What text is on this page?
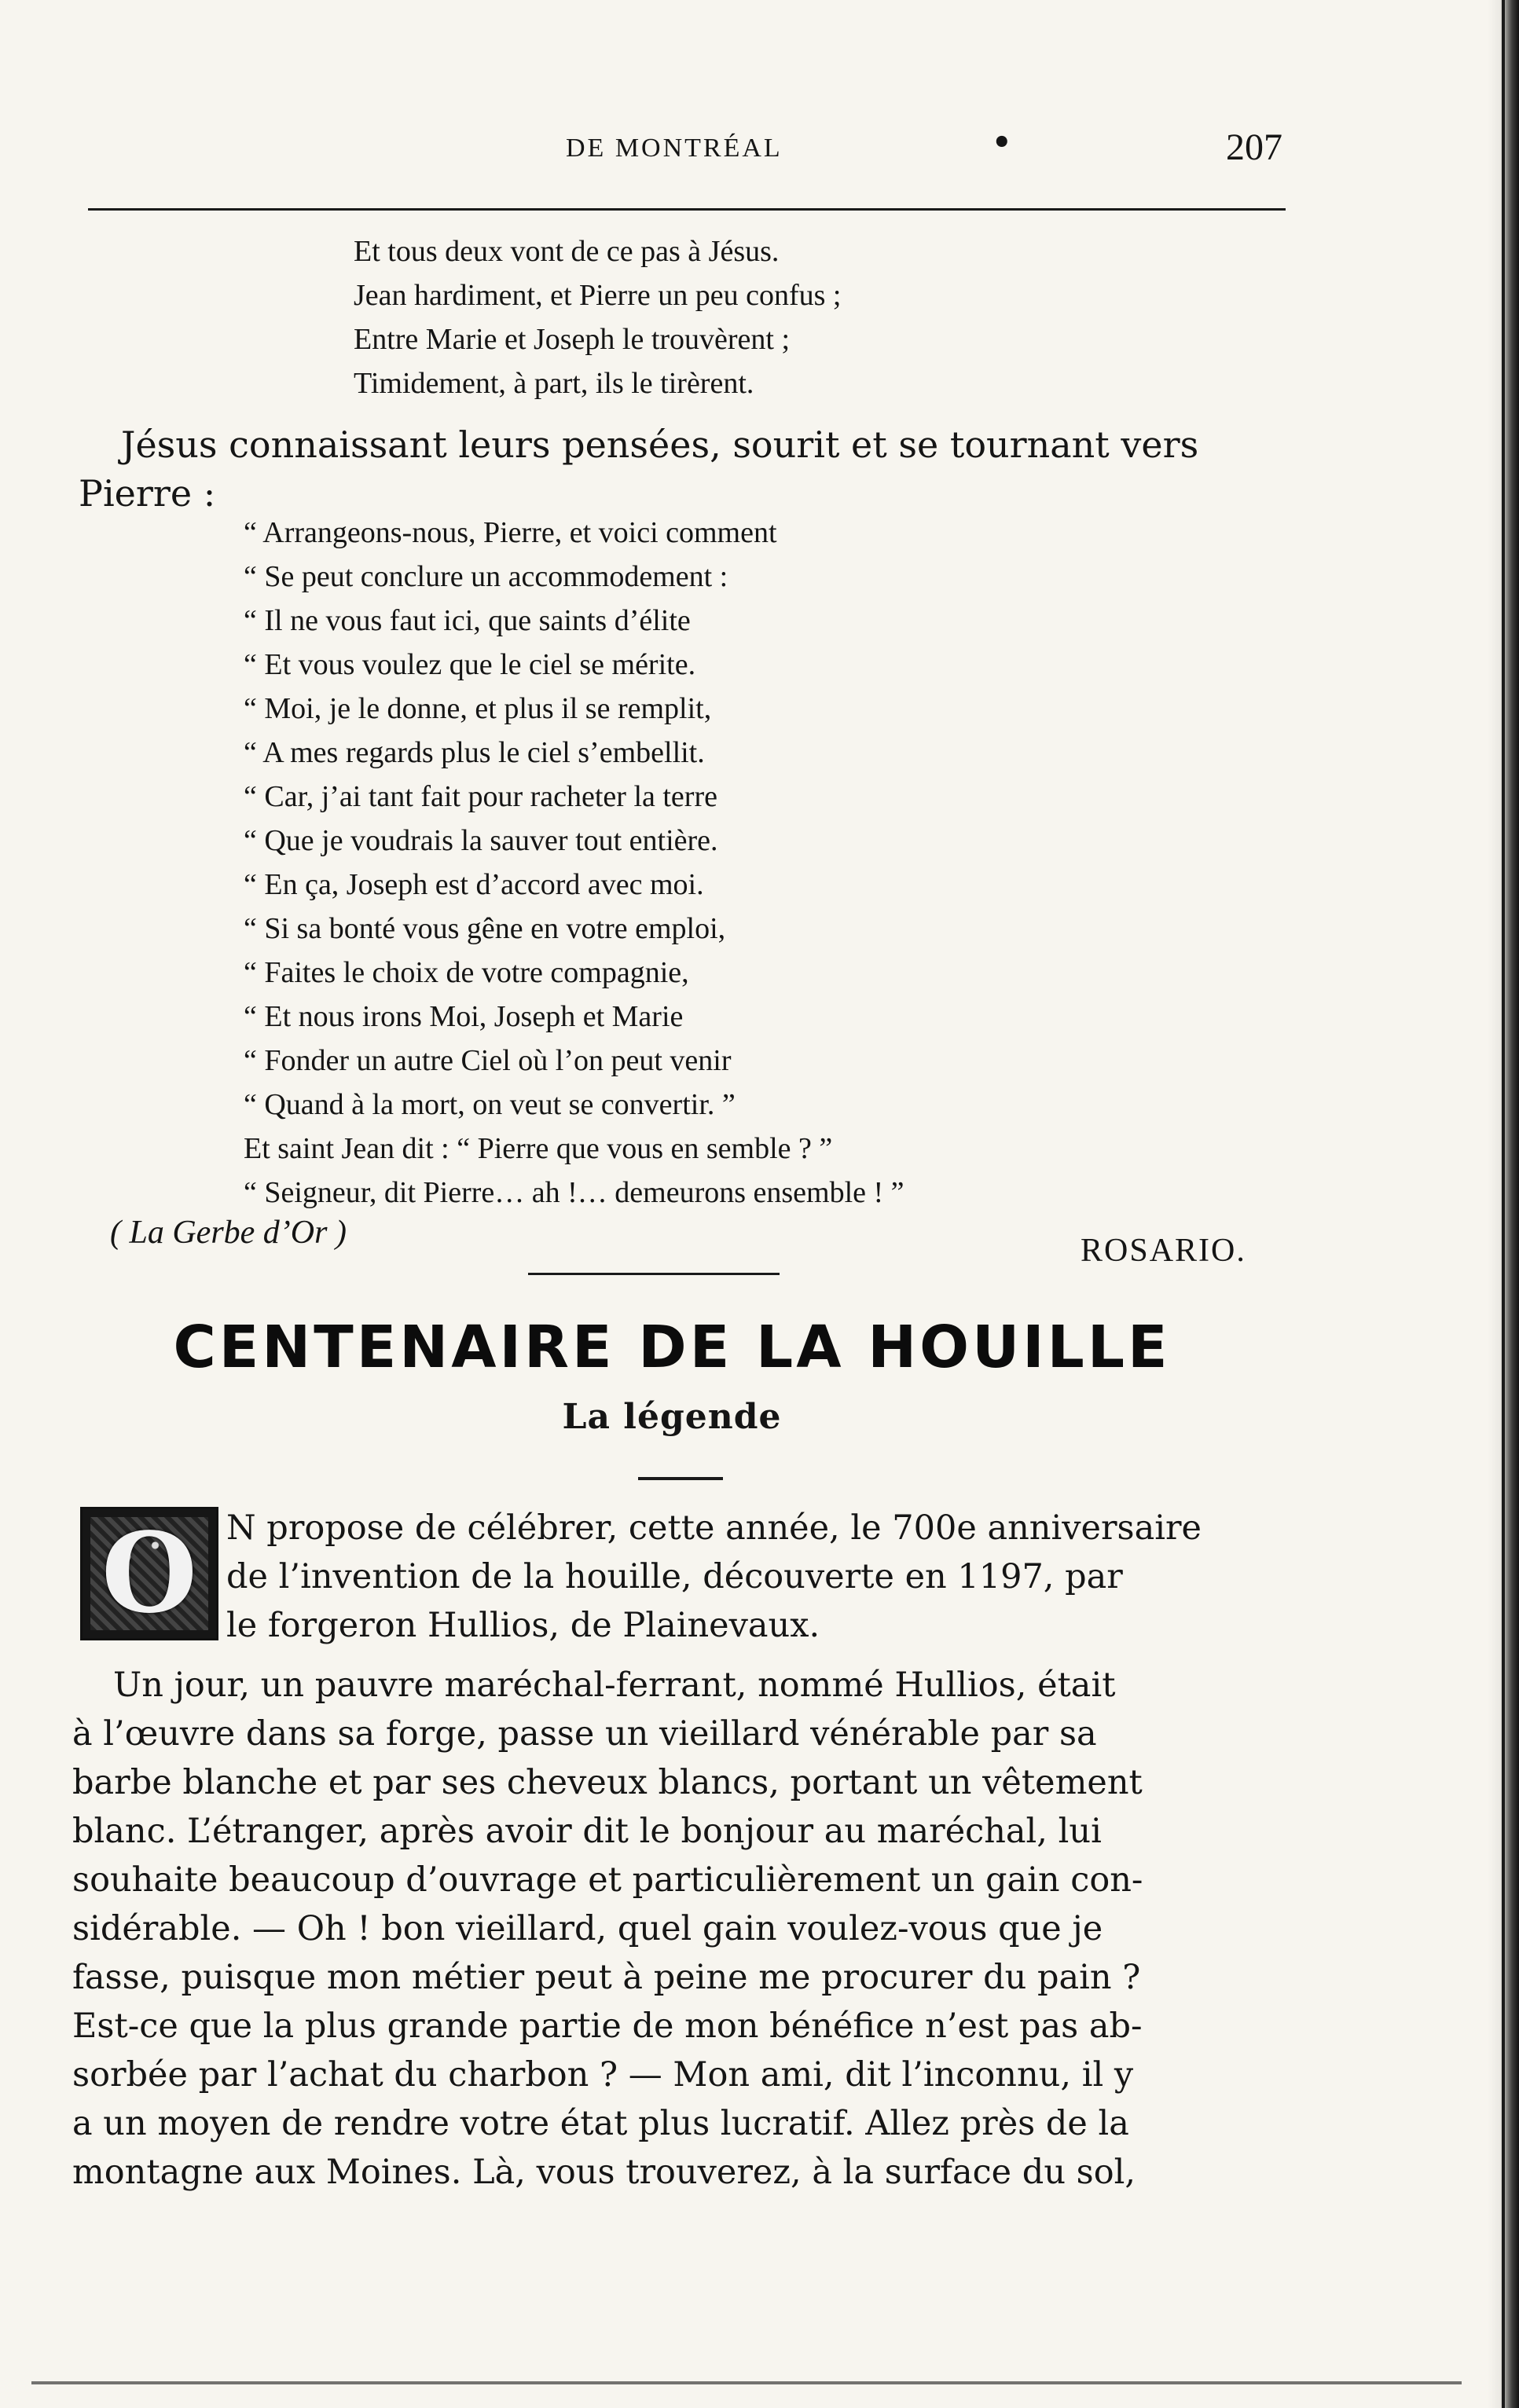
DE MONTRÉAL	•	207
Et tous deux vont de ce pas à Jésus.
Jean hardiment, et Pierre un peu confus ;
Entre Marie et Joseph le trouvèrent ;
Timidement, à part, ils le tirèrent.
Jésus connaissant leurs pensées, sourit et se tournant vers
Pierre :
“ Arrangeons-nous, Pierre, et voici comment
“ Se peut conclure un accommodement :
“ Il ne vous faut ici, que saints d’élite
“ Et vous voulez que le ciel se mérite.
“ Moi, je le donne, et plus il se remplit,
“ A mes regards plus le ciel s’embellit.
“ Car, j’ai tant fait pour racheter la terre
“ Que je voudrais la sauver tout entière.
“ En ça, Joseph est d’accord avec moi.
“ Si sa bonté vous gêne en votre emploi,
“ Faites le choix de votre compagnie,
“ Et nous irons Moi, Joseph et Marie
“ Fonder un autre Ciel où l’on peut venir
“ Quand à la mort, on veut se convertir. ”
Et saint Jean dit : “ Pierre que vous en semble ? ”
“ Seigneur, dit Pierre… ah !… demeurons ensemble ! ”
( La Gerbe d’Or )	ROSARIO.
CENTENAIRE DE LA HOUILLE
La légende
O N propose de célébrer, cette année, le 700e anniversaire
de l’invention de la houille, découverte en 1197, par
le forgeron Hullios, de Plainevaux.
Un jour, un pauvre maréchal-ferrant, nommé Hullios, était
à l’œuvre dans sa forge, passe un vieillard vénérable par sa
barbe blanche et par ses cheveux blancs, portant un vêtement
blanc. L’étranger, après avoir dit le bonjour au maréchal, lui
souhaite beaucoup d’ouvrage et particulièrement un gain con-
sidérable. — Oh ! bon vieillard, quel gain voulez-vous que je
fasse, puisque mon métier peut à peine me procurer du pain ?
Est-ce que la plus grande partie de mon bénéfice n’est pas ab-
sorbée par l’achat du charbon ? — Mon ami, dit l’inconnu, il y
a un moyen de rendre votre état plus lucratif. Allez près de la
montagne aux Moines. Là, vous trouverez, à la surface du sol,
